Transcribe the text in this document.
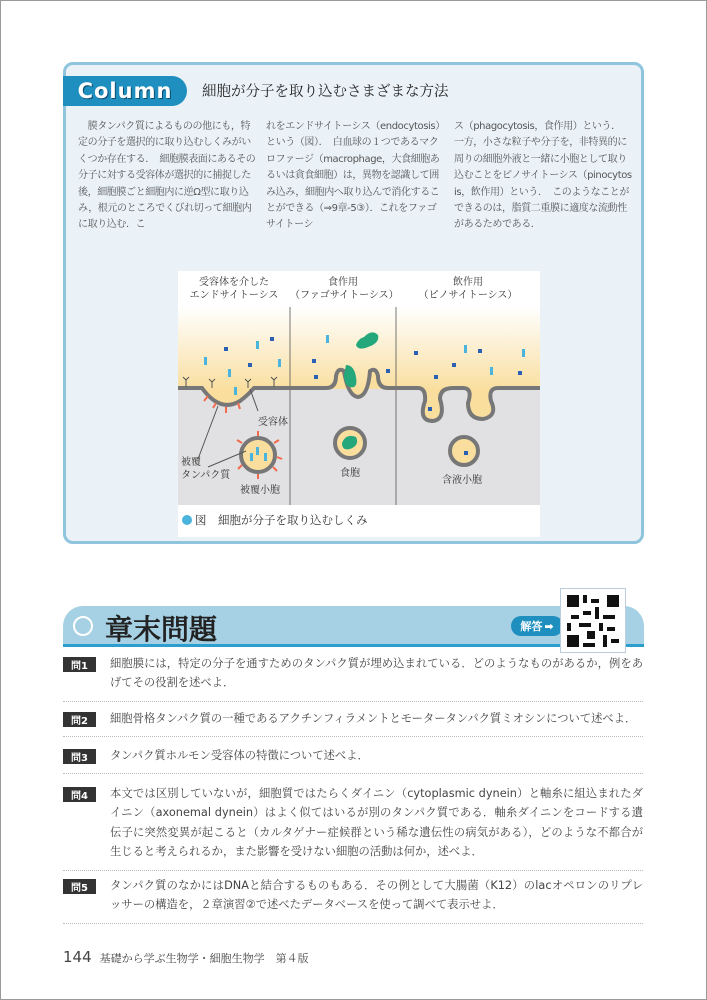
Column	細胞が分子を取り込むさまざまな方法

　膜タンパク質によるものの他にも，特定の分子を選択的に取り込むしくみがいくつか存在する．　細胞膜表面にあるその分子に対する受容体が選択的に捕捉した後，細胞膜ごと細胞内に逆Ω型に取り込み，根元のところでくびれ切って細胞内に取り込む．こ

れをエンドサイトーシス（endocytosis）という（図）．　白血球の１つであるマクロファージ（macrophage，大食細胞あるいは貪食細胞）は，異物を認識して囲み込み，細胞内へ取り込んで消化することができる（⇒9章-5③）．これをファゴサイトーシ

ス（phagocytosis，食作用）という．　一方，小さな粒子や分子を，非特異的に周りの細胞外液と一緒に小胞として取り込むことをピノサイトーシス（pinocytosis，飲作用）という．　このようなことができるのは，脂質二重膜に適度な流動性があるためである．

受容体を介した
エンドサイトーシス
食作用
（ファゴサイトーシス）
飲作用
（ピノサイトーシス）
受容体
被覆
タンパク質
被覆小胞
食胞
含液小胞
図　細胞が分子を取り込むしくみ
章末問題	解答 ➡
問1	細胞膜には，特定の分子を通すためのタンパク質が埋め込まれている．どのようなものがあるか，例をあげてその役割を述べよ．
問2	細胞骨格タンパク質の一種であるアクチンフィラメントとモータータンパク質ミオシンについて述べよ．
問3	タンパク質ホルモン受容体の特徴について述べよ．
問4	本文では区別していないが，細胞質ではたらくダイニン（cytoplasmic dynein）と軸糸に組込まれたダイニン（axonemal dynein）はよく似てはいるが別のタンパク質である．軸糸ダイニンをコードする遺伝子に突然変異が起こると（カルタゲナー症候群という稀な遺伝性の病気がある），どのような不都合が生じると考えられるか，また影響を受けない細胞の活動は何か，述べよ．
問5	タンパク質のなかにはDNAと結合するものもある．その例として大腸菌（K12）のlacオペロンのリプレッサーの構造を，２章演習②で述べたデータベースを使って調べて表示せよ．
144 基礎から学ぶ生物学・細胞生物学　第４版
